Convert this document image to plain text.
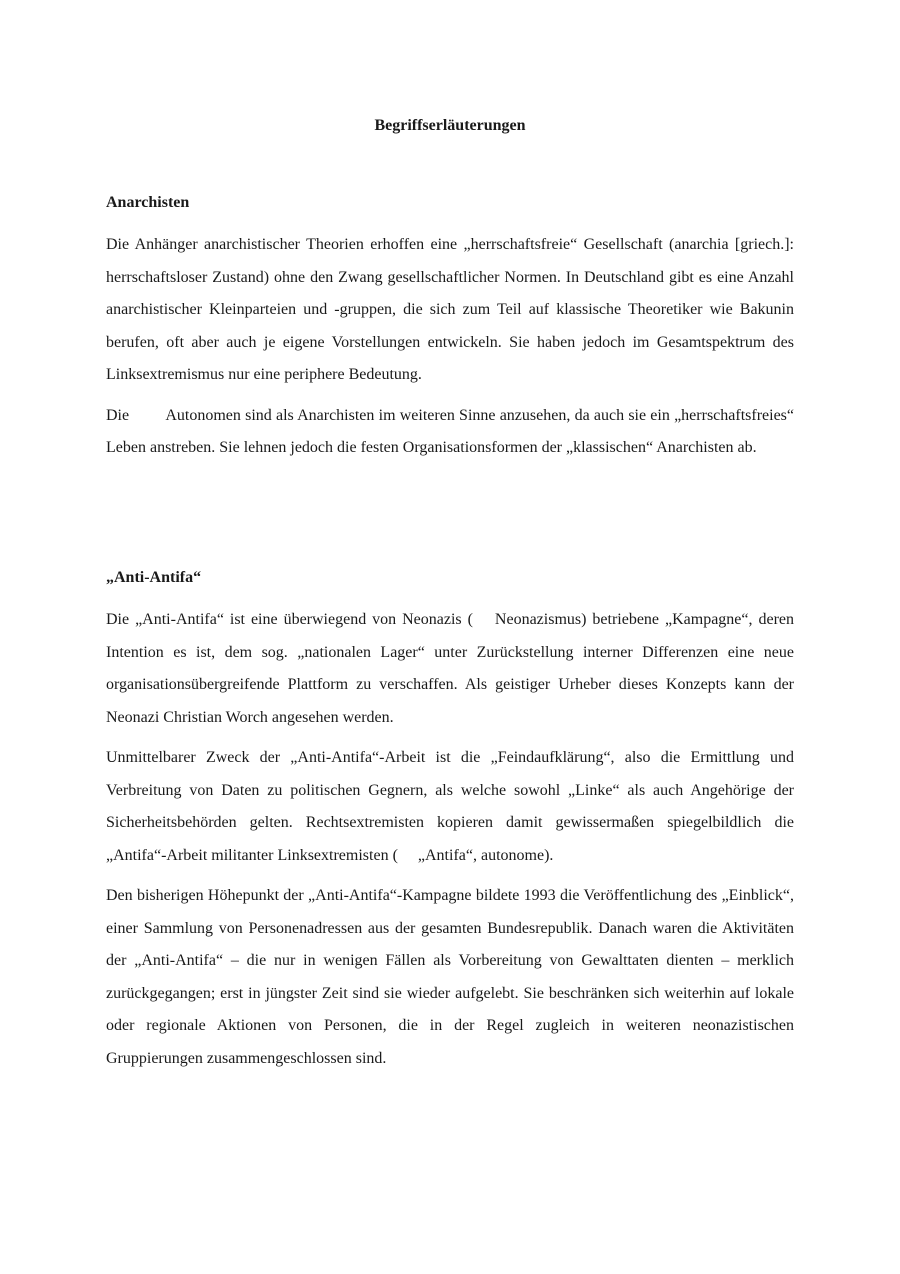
Begriffserläuterungen
Anarchisten

Die Anhänger anarchistischer Theorien erhoffen eine „herrschaftsfreie“ Gesellschaft (anarchia [griech.]: herrschaftsloser Zustand) ohne den Zwang gesellschaftlicher Normen. In Deutschland gibt es eine Anzahl anarchistischer Kleinparteien und -gruppen, die sich zum Teil auf klassische Theoretiker wie Bakunin berufen, oft aber auch je eigene Vorstellungen entwickeln. Sie haben jedoch im Gesamtspektrum des Linksextremismus nur eine periphere Bedeutung.

Die   Autonomen sind als Anarchisten im weiteren Sinne anzusehen, da auch sie ein „herrschaftsfreies“ Leben anstreben. Sie lehnen jedoch die festen Organisationsformen der „klassischen“ Anarchisten ab.

„Anti-Antifa“

Die „Anti-Antifa“ ist eine überwiegend von Neonazis (  Neonazismus) betriebene „Kampagne“, deren Intention es ist, dem sog. „nationalen Lager“ unter Zurückstellung interner Differenzen eine neue organisationsübergreifende Plattform zu verschaffen. Als geistiger Urheber dieses Konzepts kann der Neonazi Christian Worch angesehen werden.

Unmittelbarer Zweck der „Anti-Antifa“-Arbeit ist die „Feindaufklärung“, also die Ermittlung und Verbreitung von Daten zu politischen Gegnern, als welche sowohl „Linke“ als auch Angehörige der Sicherheitsbehörden gelten. Rechtsextremisten kopieren damit gewissermaßen spiegelbildlich die „Antifa“-Arbeit militanter Linksextremisten (  „Antifa“, autonome).

Den bisherigen Höhepunkt der „Anti-Antifa“-Kampagne bildete 1993 die Veröffentlichung des „Einblick“, einer Sammlung von Personenadressen aus der gesamten Bundesrepublik. Danach waren die Aktivitäten der „Anti-Antifa“ – die nur in wenigen Fällen als Vorbereitung von Gewalttaten dienten – merklich zurückgegangen; erst in jüngster Zeit sind sie wieder aufgelebt. Sie beschränken sich weiterhin auf lokale oder regionale Aktionen von Personen, die in der Regel zugleich in weiteren neonazistischen Gruppierungen zusammengeschlossen sind.
